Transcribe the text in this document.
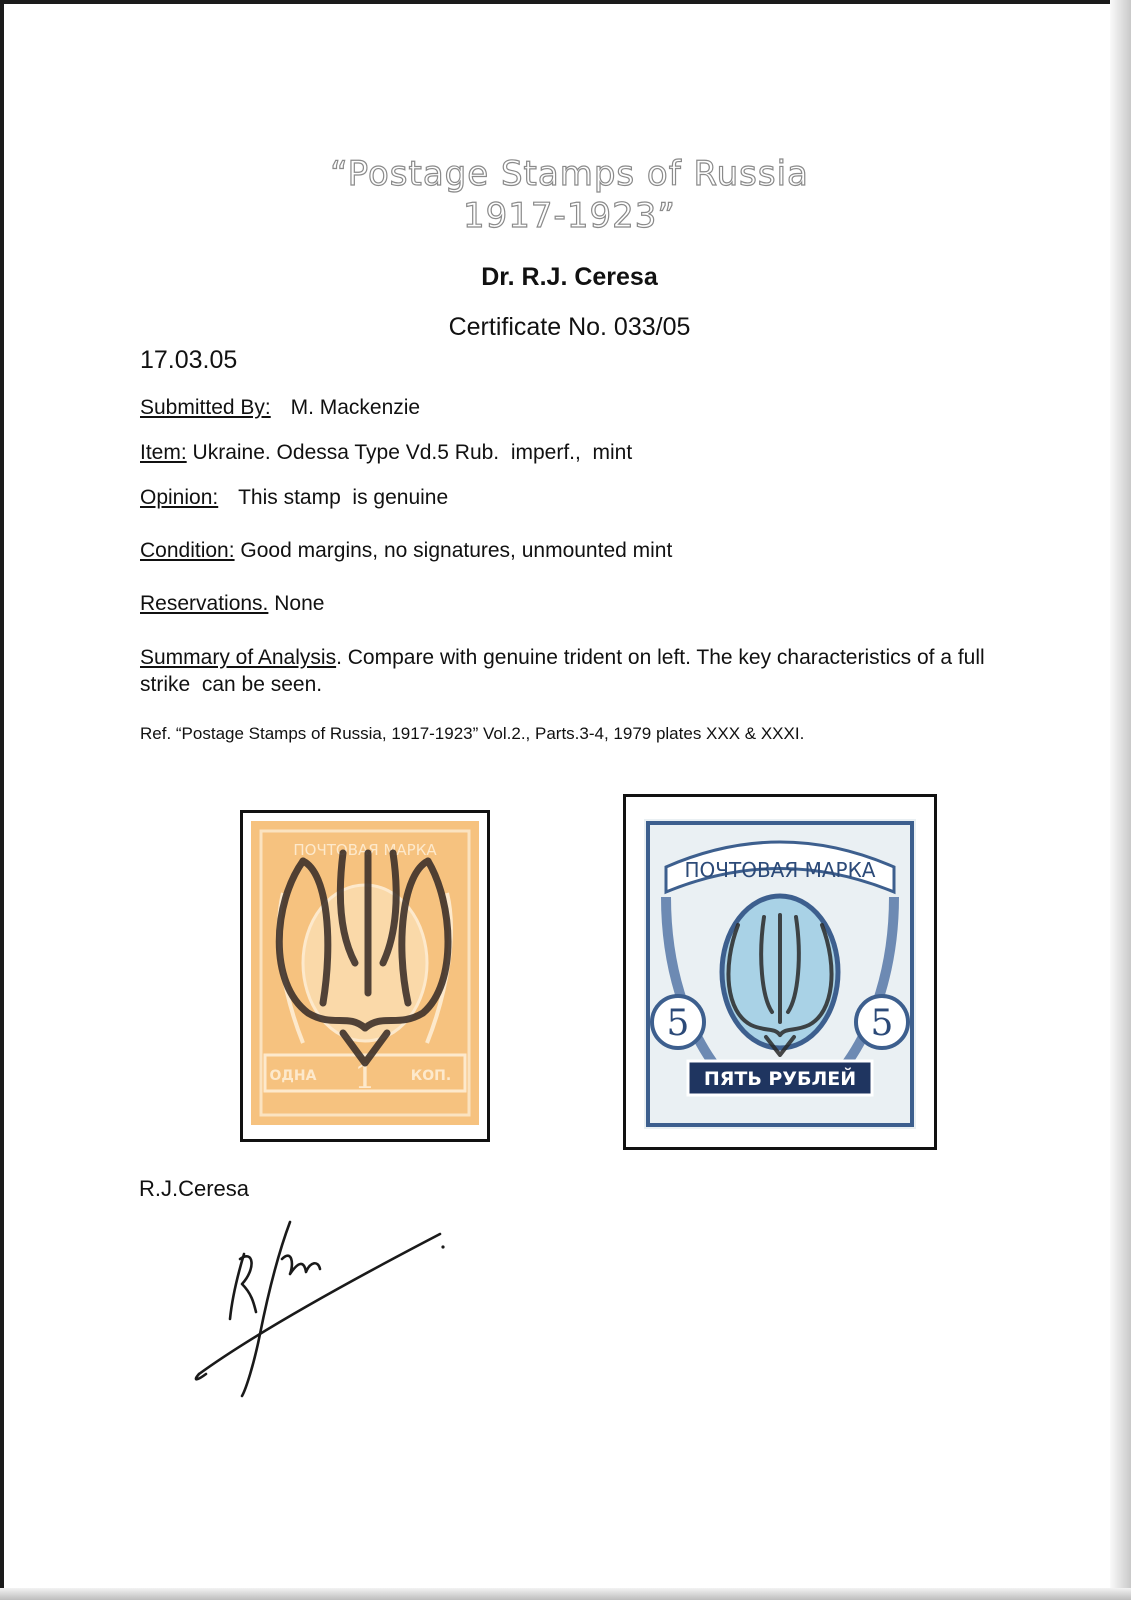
“Postage Stamps of Russia
1917-1923”
Dr. R.J. Ceresa
Certificate No. 033/05
17.03.05
Submitted By: M. Mackenzie
Item: Ukraine. Odessa Type Vd.5 Rub.  imperf.,  mint
Opinion: This stamp  is genuine
Condition: Good margins, no signatures, unmounted mint
Reservations. None
Summary of Analysis. Compare with genuine trident on left. The key characteristics of a full strike  can be seen.
Ref. “Postage Stamps of Russia, 1917-1923” Vol.2., Parts.3-4, 1979 plates XXX & XXXI.
ПОЧТОВАЯ МАРКА
ОДНА 1 КОП.
ПОЧТОВАЯ МАРКА
5	5
ПЯТЬ РУБЛЕЙ
R.J.Ceresa
